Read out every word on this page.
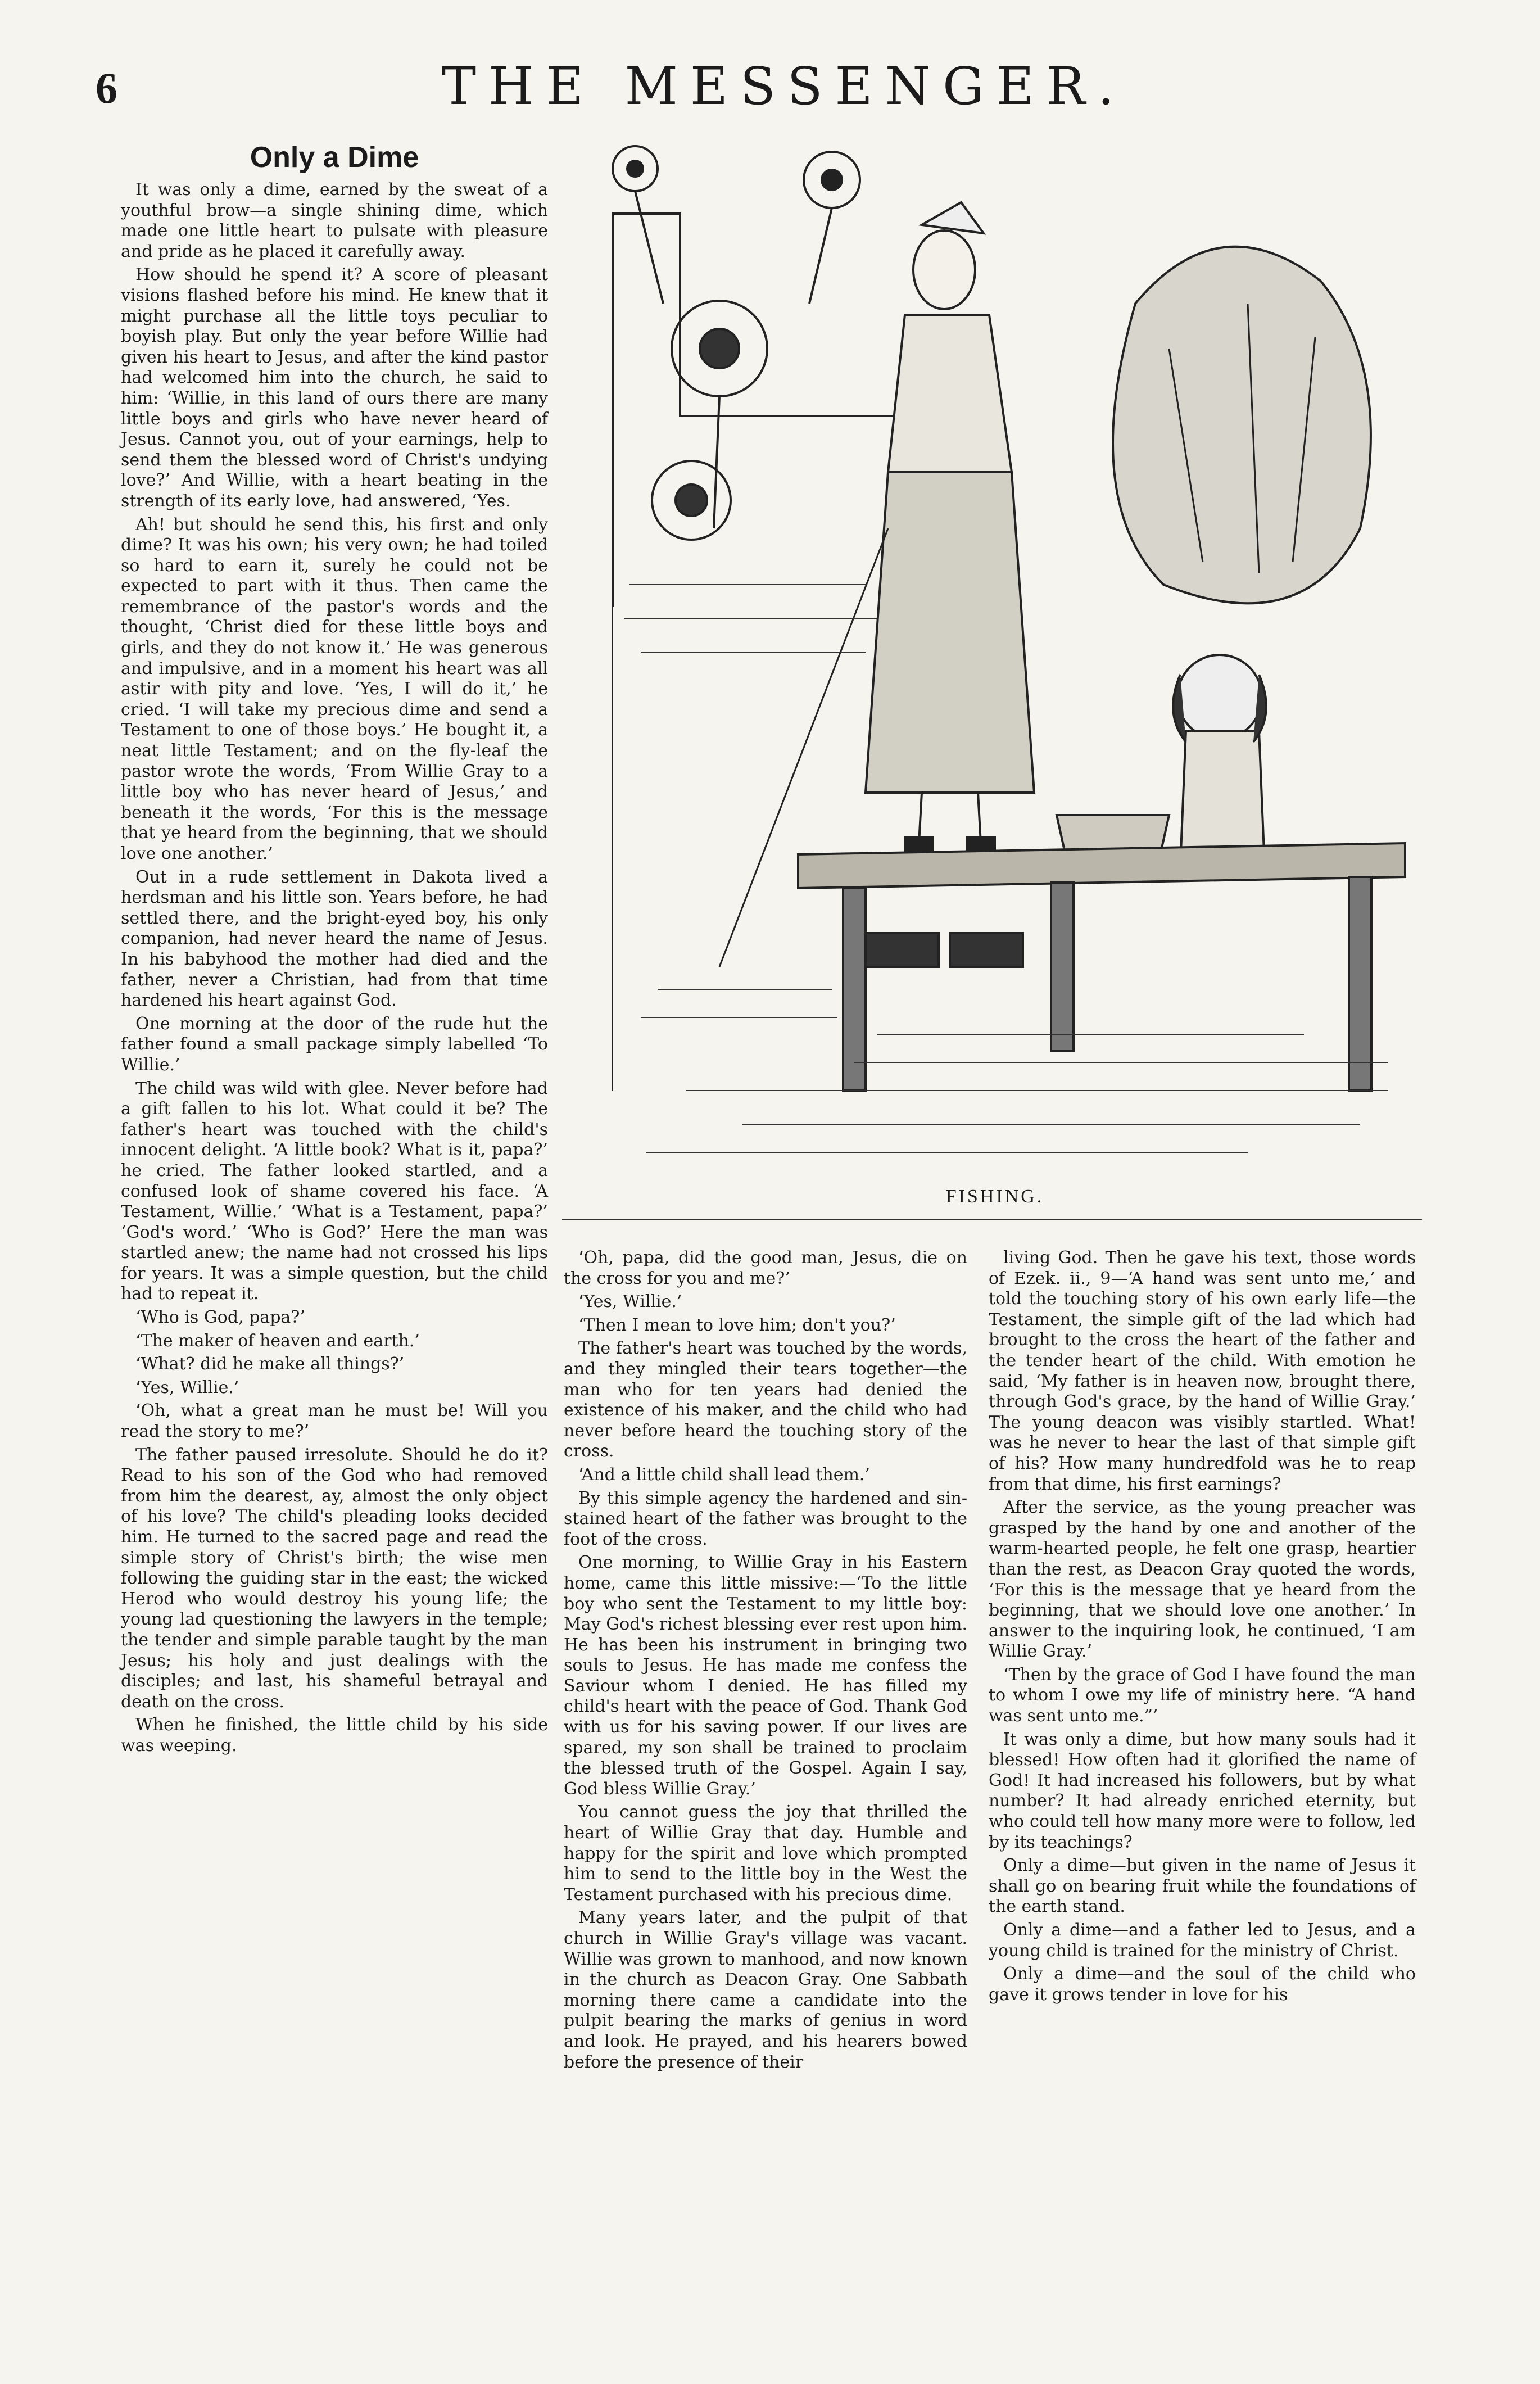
6	THE MESSENGER.
Only a Dime

It was only a dime, earned by the sweat of a youthful brow—a single shining dime, which made one little heart to pulsate with pleasure and pride as he placed it carefully away.

How should he spend it? A score of pleasant visions flashed before his mind. He knew that it might purchase all the little toys peculiar to boyish play. But only the year before Willie had given his heart to Jesus, and after the kind pastor had welcomed him into the church, he said to him: ‘Willie, in this land of ours there are many little boys and girls who have never heard of Jesus. Cannot you, out of your earnings, help to send them the blessed word of Christ's undying love?’ And Willie, with a heart beating in the strength of its early love, had answered, ‘Yes.

Ah! but should he send this, his first and only dime? It was his own; his very own; he had toiled so hard to earn it, surely he could not be expected to part with it thus. Then came the remembrance of the pastor's words and the thought, ‘Christ died for these little boys and girls, and they do not know it.’ He was generous and impulsive, and in a moment his heart was all astir with pity and love. ‘Yes, I will do it,’ he cried. ‘I will take my precious dime and send a Testament to one of those boys.’ He bought it, a neat little Testament; and on the fly-leaf the pastor wrote the words, ‘From Willie Gray to a little boy who has never heard of Jesus,’ and beneath it the words, ‘For this is the message that ye heard from the beginning, that we should love one another.’

Out in a rude settlement in Dakota lived a herdsman and his little son. Years before, he had settled there, and the bright-eyed boy, his only companion, had never heard the name of Jesus. In his babyhood the mother had died and the father, never a Christian, had from that time hardened his heart against God.

One morning at the door of the rude hut the father found a small package simply labelled ‘To Willie.’

The child was wild with glee. Never before had a gift fallen to his lot. What could it be? The father's heart was touched with the child's innocent delight. ‘A little book? What is it, papa?’ he cried. The father looked startled, and a confused look of shame covered his face. ‘A Testament, Willie.’ ‘What is a Testament, papa?’ ‘God's word.’ ‘Who is God?’ Here the man was startled anew; the name had not crossed his lips for years. It was a simple question, but the child had to repeat it.

‘Who is God, papa?’

‘The maker of heaven and earth.’

‘What? did he make all things?’

‘Yes, Willie.’

‘Oh, what a great man he must be! Will you read the story to me?’

The father paused irresolute. Should he do it? Read to his son of the God who had removed from him the dearest, ay, almost the only object of his love? The child's pleading looks decided him. He turned to the sacred page and read the simple story of Christ's birth; the wise men following the guiding star in the east; the wicked Herod who would destroy his young life; the young lad questioning the lawyers in the temple; the tender and simple parable taught by the man Jesus; his holy and just dealings with the disciples; and last, his shameful betrayal and death on the cross.

When he finished, the little child by his side was weeping.

FISHING.

‘Oh, papa, did the good man, Jesus, die on the cross for you and me?’

‘Yes, Willie.’

‘Then I mean to love him; don't you?’

The father's heart was touched by the words, and they mingled their tears together—the man who for ten years had denied the existence of his maker, and the child who had never before heard the touching story of the cross.

‘And a little child shall lead them.’

By this simple agency the hardened and sin-stained heart of the father was brought to the foot of the cross.

One morning, to Willie Gray in his Eastern home, came this little missive:—‘To the little boy who sent the Testament to my little boy: May God's richest blessing ever rest upon him. He has been his instrument in bringing two souls to Jesus. He has made me confess the Saviour whom I denied. He has filled my child's heart with the peace of God. Thank God with us for his saving power. If our lives are spared, my son shall be trained to proclaim the blessed truth of the Gospel. Again I say, God bless Willie Gray.’

You cannot guess the joy that thrilled the heart of Willie Gray that day. Humble and happy for the spirit and love which prompted him to send to the little boy in the West the Testament purchased with his precious dime.

Many years later, and the pulpit of that church in Willie Gray's village was vacant. Willie was grown to manhood, and now known in the church as Deacon Gray. One Sabbath morning there came a candidate into the pulpit bearing the marks of genius in word and look. He prayed, and his hearers bowed before the presence of their

living God. Then he gave his text, those words of Ezek. ii., 9—‘A hand was sent unto me,’ and told the touching story of his own early life—the Testament, the simple gift of the lad which had brought to the cross the heart of the father and the tender heart of the child. With emotion he said, ‘My father is in heaven now, brought there, through God's grace, by the hand of Willie Gray.’ The young deacon was visibly startled. What! was he never to hear the last of that simple gift of his? How many hundredfold was he to reap from that dime, his first earnings?

After the service, as the young preacher was grasped by the hand by one and another of the warm-hearted people, he felt one grasp, heartier than the rest, as Deacon Gray quoted the words, ‘For this is the message that ye heard from the beginning, that we should love one another.’ In answer to the inquiring look, he continued, ‘I am Willie Gray.’

‘Then by the grace of God I have found the man to whom I owe my life of ministry here. “A hand was sent unto me.”’

It was only a dime, but how many souls had it blessed! How often had it glorified the name of God! It had increased his followers, but by what number? It had already enriched eternity, but who could tell how many more were to follow, led by its teachings?

Only a dime—but given in the name of Jesus it shall go on bearing fruit while the foundations of the earth stand.

Only a dime—and a father led to Jesus, and a young child is trained for the ministry of Christ.

Only a dime—and the soul of the child who gave it grows tender in love for his
